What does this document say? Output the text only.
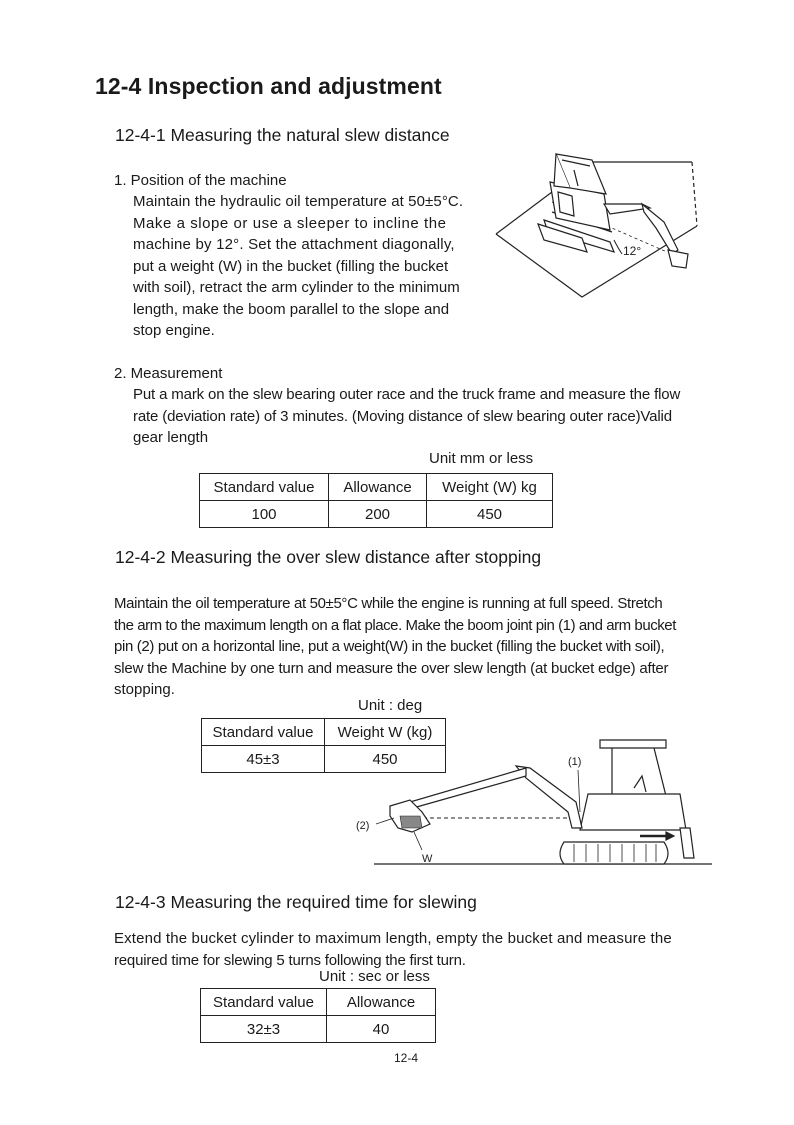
12-4 Inspection and adjustment
12-4-1 Measuring the natural slew distance
1. Position of the machine
Maintain the hydraulic oil temperature at 50±5°C.
Make a slope or use a sleeper to incline the
machine by 12°. Set the attachment diagonally,
put a weight (W) in the bucket (filling the bucket
with soil), retract the arm cylinder to the minimum
length, make the boom parallel to the slope and
stop engine.
12°
2. Measurement
Put a mark on the slew bearing outer race and the truck frame and measure the flow
rate (deviation rate) of 3 minutes. (Moving distance of slew bearing outer race)Valid
gear length
Unit mm or less
Standard value	Allowance	Weight (W) kg
100	200	450
12-4-2 Measuring the over slew distance after stopping
Maintain the oil temperature at 50±5°C while the engine is running at full speed. Stretch
the arm to the maximum length on a flat place. Make the boom joint pin (1) and arm bucket
pin (2) put on a horizontal line, put a weight(W) in the bucket (filling the bucket with soil),
slew the Machine by one turn and measure the over slew length (at bucket edge) after
stopping.
Unit : deg
Standard value	Weight W (kg)
45±3	450	(1)
(2)
W
12-4-3 Measuring the required time for slewing
Extend the bucket cylinder to maximum length, empty the bucket and measure the
required time for slewing 5 turns following the first turn.
Unit : sec or less
Standard value	Allowance
32±3	40
12-4
